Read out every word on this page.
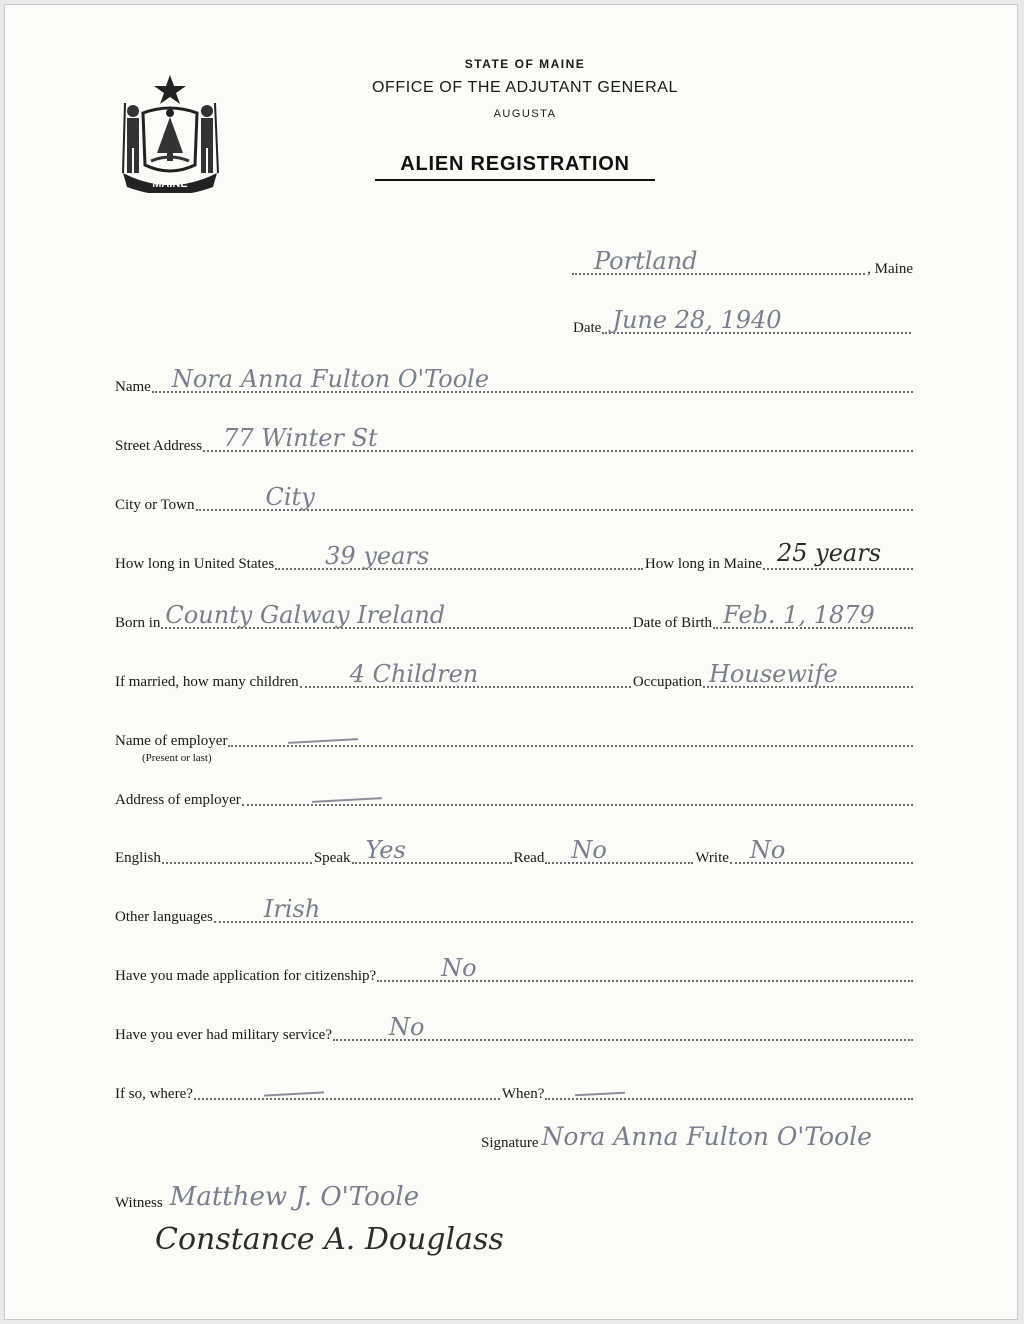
MAINE
STATE OF MAINE
OFFICE OF THE ADJUTANT GENERAL
AUGUSTA
ALIEN REGISTRATION
Portland	, Maine
Date June 28, 1940
Name Nora Anna Fulton O'Toole
Street Address 77 Winter St
City or Town	City
How long in United States 39 years	How long in Maine 25 years
Born in County Galway Ireland	Date of Birth Feb. 1, 1879
If married, how many children 4 Children	Occupation Housewife
Name of employer
(Present or last)
Address of employer
English	Speak Yes	Read No	Write No
Other languages Irish
Have you made application for citizenship?	No
Have you ever had military service? No
If so, where?	When?
Signature Nora Anna Fulton O'Toole
Witness Matthew J. O'Toole
Constance A. Douglass
